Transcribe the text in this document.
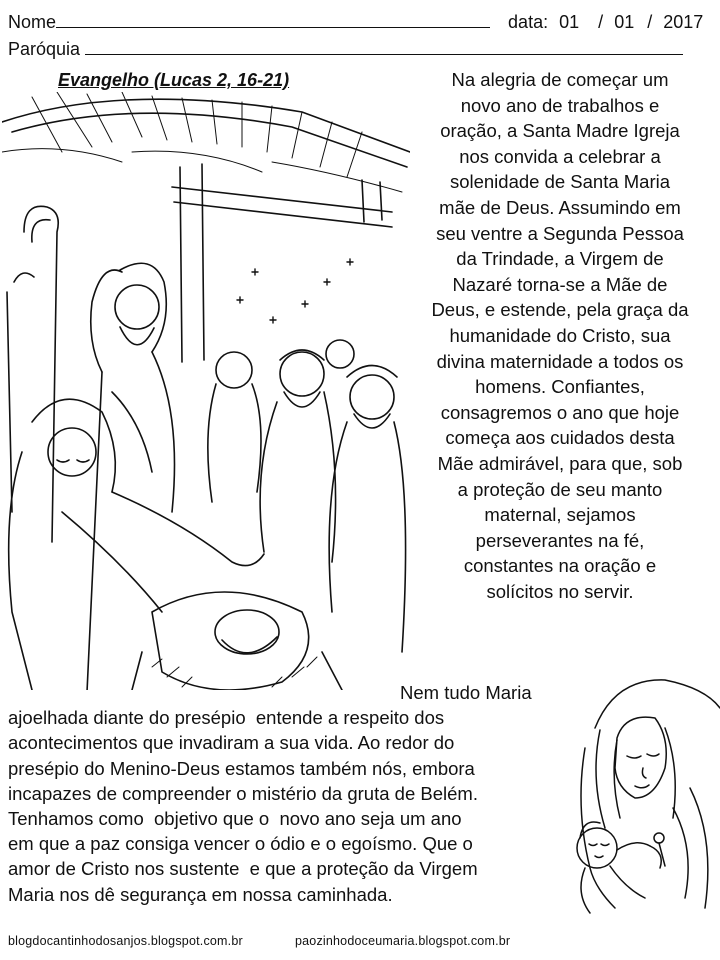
Nome	data: 01 / 01 / 2017
Paróquia
Evangelho (Lucas 2, 16-21)	Na alegria de começar um
novo ano de trabalhos e
oração, a Santa Madre Igreja
nos convida a celebrar a
solenidade de Santa Maria
mãe de Deus. Assumindo em
seu ventre a Segunda Pessoa
da Trindade, a Virgem de
Nazaré torna-se a Mãe de
Deus, e estende, pela graça da
humanidade do Cristo, sua
divina maternidade a todos os
homens. Confiantes,
consagremos o ano que hoje
começa aos cuidados desta
Mãe admirável, para que, sob
a proteção de seu manto
maternal, sejamos
perseverantes na fé,
constantes na oração e
solícitos no servir.
Nem tudo Maria
ajoelhada diante do presépio  entende a respeito dos
acontecimentos que invadiram a sua vida. Ao redor do
presépio do Menino-Deus estamos também nós, embora
incapazes de compreender o mistério da gruta de Belém.
Tenhamos como  objetivo que o  novo ano seja um ano
em que a paz consiga vencer o ódio e o egoísmo. Que o
amor de Cristo nos sustente  e que a proteção da Virgem
Maria nos dê segurança em nossa caminhada.
blogdocantinhodosanjos.blogspot.com.br	paozinhodoceumaria.blogspot.com.br
